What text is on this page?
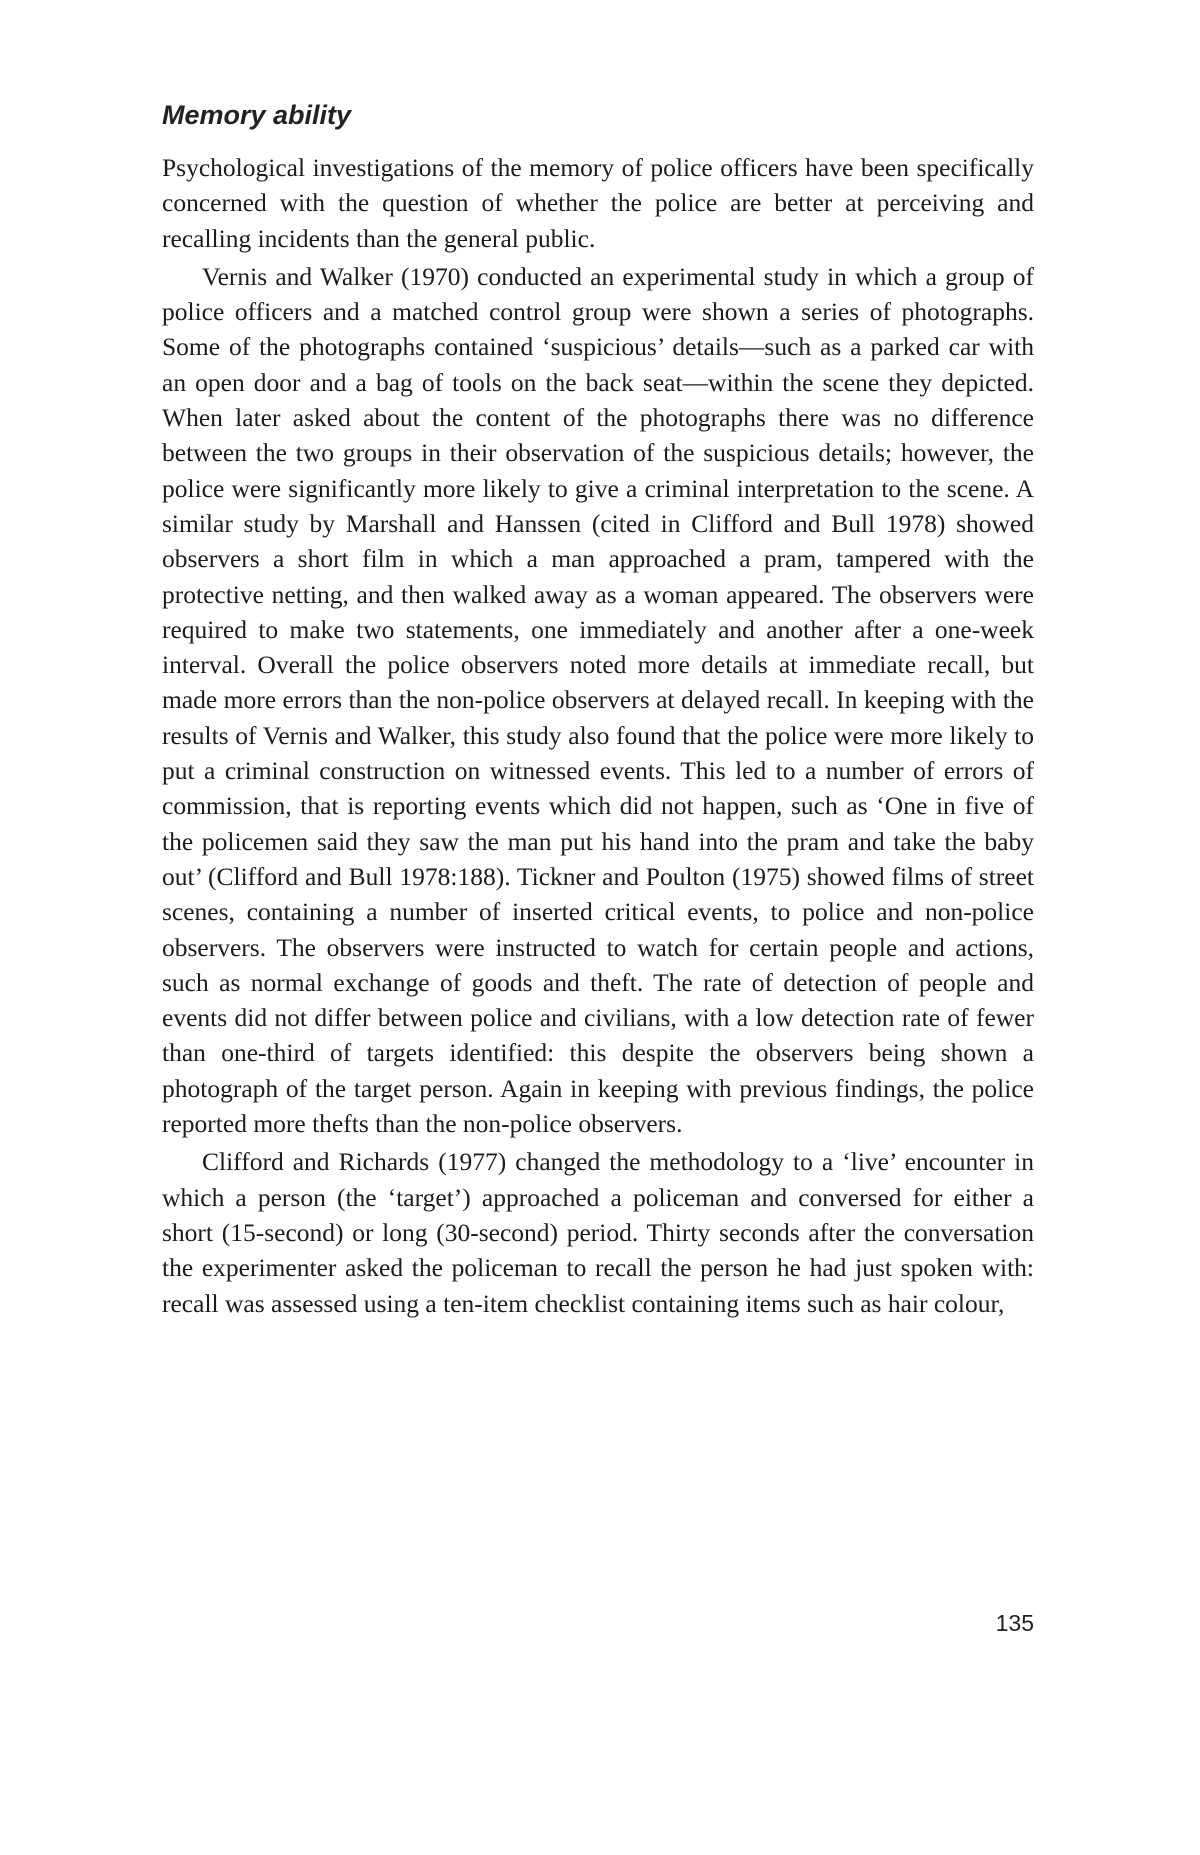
Memory ability

Psychological investigations of the memory of police officers have been specifically concerned with the question of whether the police are better at perceiving and recalling incidents than the general public.

Vernis and Walker (1970) conducted an experimental study in which a group of police officers and a matched control group were shown a series of photographs. Some of the photographs contained ‘suspicious’ details—such as a parked car with an open door and a bag of tools on the back seat—within the scene they depicted. When later asked about the content of the photographs there was no difference between the two groups in their observation of the suspicious details; however, the police were significantly more likely to give a criminal interpretation to the scene. A similar study by Marshall and Hanssen (cited in Clifford and Bull 1978) showed observers a short film in which a man approached a pram, tampered with the protective netting, and then walked away as a woman appeared. The observers were required to make two statements, one immediately and another after a one-week interval. Overall the police observers noted more details at immediate recall, but made more errors than the non-police observers at delayed recall. In keeping with the results of Vernis and Walker, this study also found that the police were more likely to put a criminal construction on witnessed events. This led to a number of errors of commission, that is reporting events which did not happen, such as ‘One in five of the policemen said they saw the man put his hand into the pram and take the baby out’ (Clifford and Bull 1978:188). Tickner and Poulton (1975) showed films of street scenes, containing a number of inserted critical events, to police and non-police observers. The observers were instructed to watch for certain people and actions, such as normal exchange of goods and theft. The rate of detection of people and events did not differ between police and civilians, with a low detection rate of fewer than one-third of targets identified: this despite the observers being shown a photograph of the target person. Again in keeping with previous findings, the police reported more thefts than the non-police observers.

Clifford and Richards (1977) changed the methodology to a ‘live’ encounter in which a person (the ‘target’) approached a policeman and conversed for either a short (15-second) or long (30-second) period. Thirty seconds after the conversation the experimenter asked the policeman to recall the person he had just spoken with: recall was assessed using a ten-item checklist containing items such as hair colour,

135
